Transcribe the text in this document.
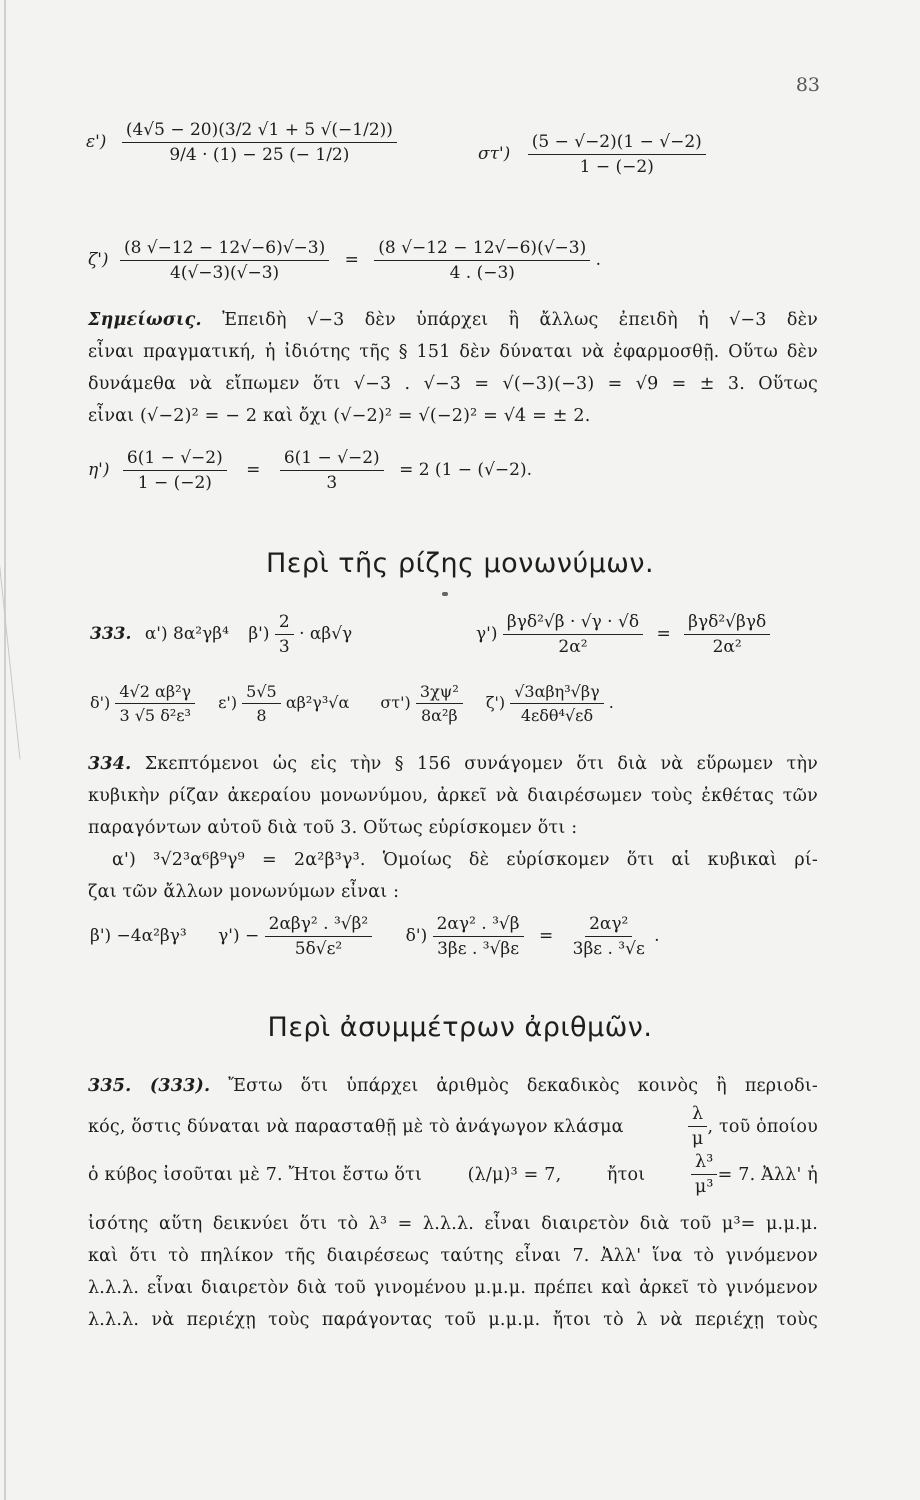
83
$\varepsilon') \frac{(4√5 - 20)(3/2 √1 + 5 √(-1/2))}{9/4 \cdot (1) - 25 (- 1/2)}$	$\sigma\tau') \frac{(5 - √-2)(1 - √-2)}{1 - (-2)}$
$\zeta') \frac{(8 √-12 - 12√-6)√-3)}{4(√-3)(√-3)} = \frac{(8 √-12 - 12√-6)(√-3)}{4 . (-3)}$ .
Σημείωσις. Ἐπειδὴ √−3 δὲν ὑπάρχει ἢ ἄλλως ἐπειδὴ ἡ √−3 δὲν
εἶναι πραγματική, ἡ ἰδιότης τῆς § 151 δὲν δύναται νὰ ἐφαρμοσθῇ. Οὕτω δὲν
δυνάμεθα νὰ εἴπωμεν ὅτι √−3 . √−3 = √(−3)(−3) = √9 = ± 3. Οὕτως
εἶναι (√−2)² = − 2 καὶ ὄχι (√−2)² = √(−2)² = √4 = ± 2.
$\eta') \frac{6(1 - √-2)}{1 - (-2)} = \frac{6(1 - √-2)}{3} = 2$ (1 − (√−2).
Περὶ τῆς ρίζης μονωνύμων.
333. α') 8α²γβ⁴ $\beta') \frac{2}{3} \cdot \alpha\beta√\gamma$	γ')
βγδ²√β · √γ · √δ
2α²
=
βγδ²√βγδ
2α²
$\delta') \frac{\text{4√2 αβ²γ}}{\text{3 √5 δ²ε³}} \varepsilon') \frac{5√5}{8} \alpha\beta^2\gamma^3√\alpha$ $\sigma\tau') \frac{\text{3χψ²}}{\text{8α²β}} \zeta'$)
√3αβη³√βγ
4εδθ⁴√εδ
.
334. Σκεπτόμενοι ὡς εἰς τὴν § 156 συνάγομεν ὅτι διὰ νὰ εὕρωμεν τὴν
κυβικὴν ρίζαν ἀκεραίου μονωνύμου, ἀρκεῖ νὰ διαιρέσωμεν τοὺς ἐκθέτας τῶν
παραγόντων αὐτοῦ διὰ τοῦ 3. Οὕτως εὑρίσκομεν ὅτι :
α') ³√2³α⁶β⁹γ⁹ = 2α²β³γ³. Ὁμοίως δὲ εὑρίσκομεν ὅτι αἱ κυβικαὶ ρί-
ζαι τῶν ἄλλων μονωνύμων εἶναι :
β') −4α²βγ³ γ') −
2αβγ² . ³√β²
5δ√ε²
$\delta') \frac{\text{2αγ² . ³√β}}{\text{3βε . ³√βε}} = \frac{\text{2αγ²}}{\text{3βε . ³√ε}}$ .
Περὶ ἀσυμμέτρων ἀριθμῶν.
335. (333). Ἔστω ὅτι ὑπάρχει ἀριθμὸς δεκαδικὸς κοινὸς ἢ περιοδι-
κός, ὅστις δύναται νὰ παρασταθῇ μὲ τὸ ἀνάγωγον κλάσμα	$\frac{\lambda}{\mu}$ , τοῦ ὁποίου
ὁ κύβος ἰσοῦται μὲ 7. Ἤτοι ἔστω ὅτι	(λ/μ)³ = 7,	ἤτοι	$\frac{\text{λ³}}{\text{μ³}} = 7$. Ἀλλ' ἡ
ἰσότης αὕτη δεικνύει ὅτι τὸ λ³ = λ.λ.λ. εἶναι διαιρετὸν διὰ τοῦ μ³= μ.μ.μ.
καὶ ὅτι τὸ πηλίκον τῆς διαιρέσεως ταύτης εἶναι 7. Ἀλλ' ἵνα τὸ γινόμενον
λ.λ.λ. εἶναι διαιρετὸν διὰ τοῦ γινομένου μ.μ.μ. πρέπει καὶ ἀρκεῖ τὸ γινόμενον
λ.λ.λ. νὰ περιέχῃ τοὺς παράγοντας τοῦ μ.μ.μ. ἤτοι τὸ λ νὰ περιέχῃ τοὺς
